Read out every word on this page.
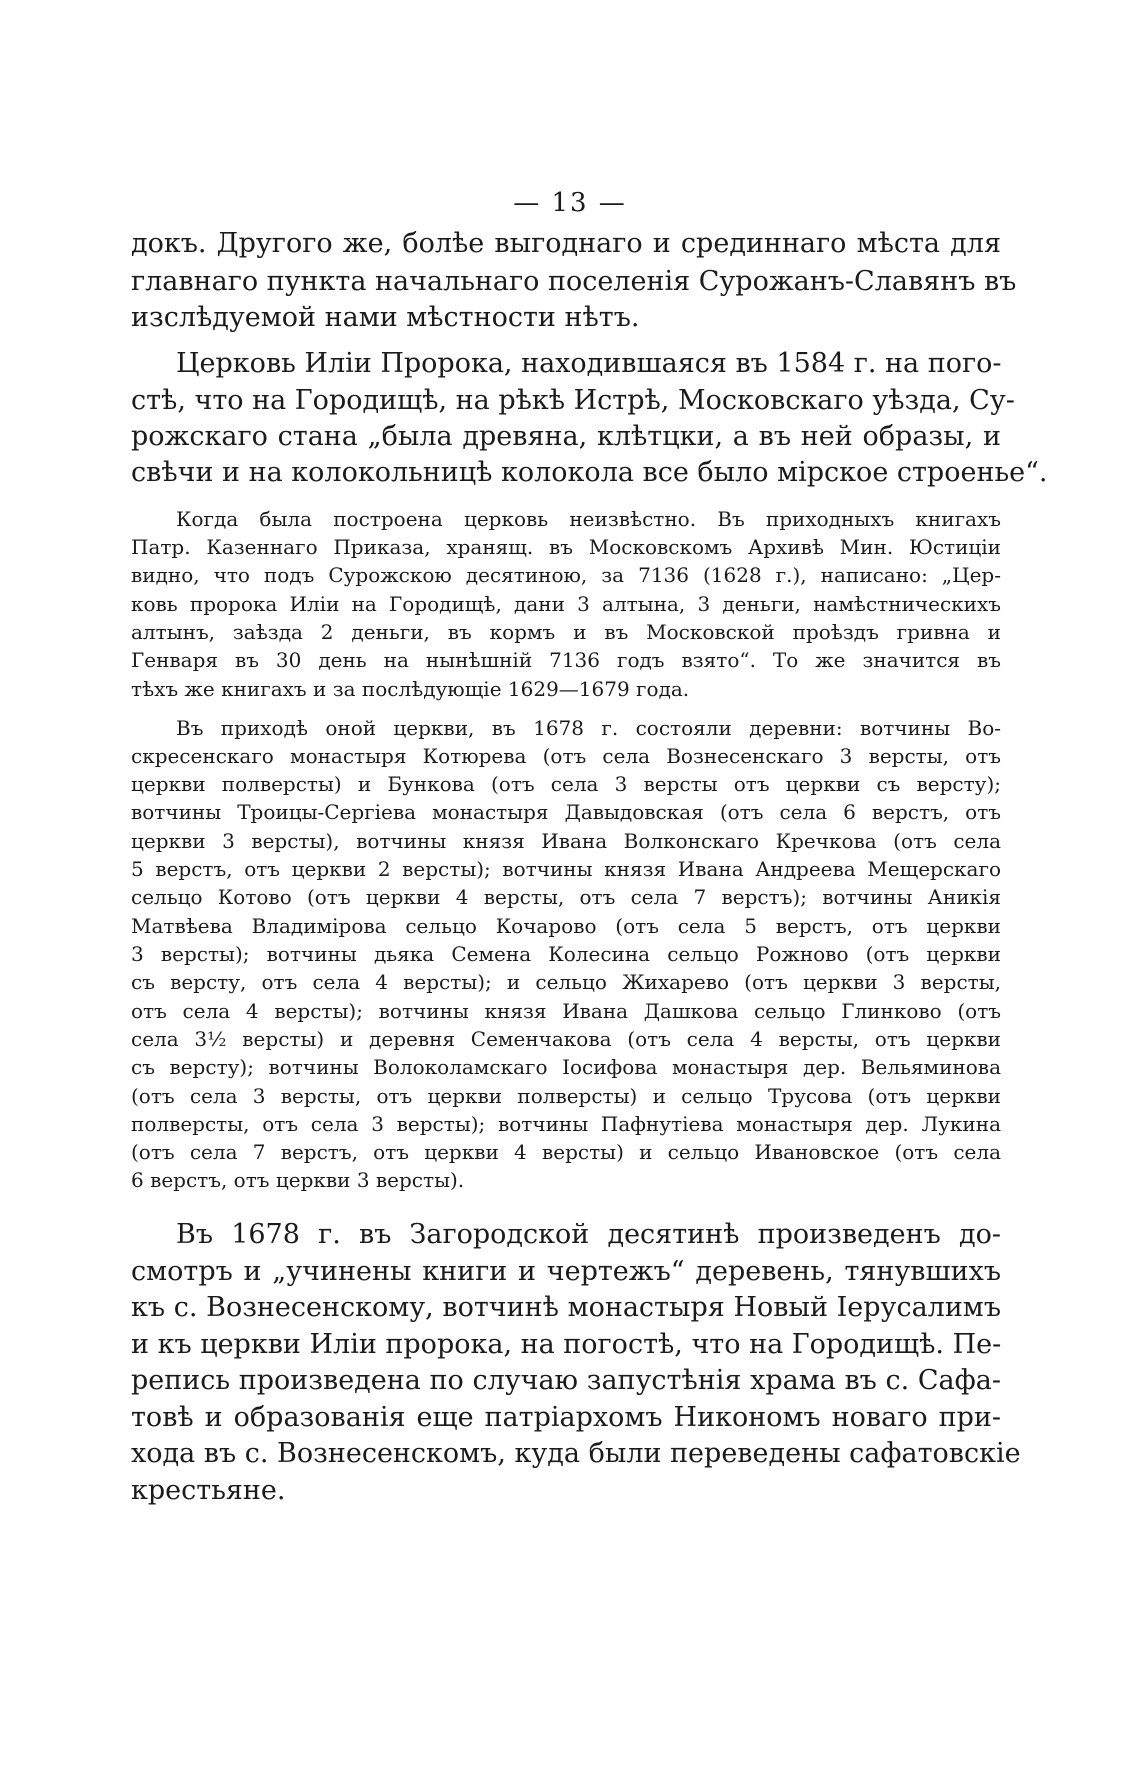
— 13 —
докъ. Другого же, болѣе выгоднаго и срединнаго мѣста для
главнаго пункта начальнаго поселенія Сурожанъ-Славянъ въ
изслѣдуемой нами мѣстности нѣтъ.
Церковь Иліи Пророка, находившаяся въ 1584 г. на пого-
стѣ, что на Городищѣ, на рѣкѣ Истрѣ, Московскаго уѣзда, Су-
рожскаго стана „была древяна, клѣтцки, а въ ней образы, и
свѣчи и на колокольницѣ колокола все было мірское строенье“.
Когда была построена церковь неизвѣстно. Въ приходныхъ книгахъ
Патр. Казеннаго Приказа, хранящ. въ Московскомъ Архивѣ Мин. Юстиціи
видно, что подъ Сурожскою десятиною, за 7136 (1628 г.), написано: „Цер-
ковь пророка Иліи на Городищѣ, дани 3 алтына, 3 деньги, намѣстническихъ
алтынъ, заѣзда 2 деньги, въ кормъ и въ Московской проѣздъ гривна и
Генваря въ 30 день на нынѣшній 7136 годъ взято“. То же значится въ
тѣхъ же книгахъ и за послѣдующіе 1629—1679 года.
Въ приходѣ оной церкви, въ 1678 г. состояли деревни: вотчины Во-
скресенскаго монастыря Котюрева (отъ села Вознесенскаго 3 версты, отъ
церкви полверсты) и Бункова (отъ села 3 версты отъ церкви съ версту);
вотчины Троицы-Сергіева монастыря Давыдовская (отъ села 6 верстъ, отъ
церкви 3 версты), вотчины князя Ивана Волконскаго Кречкова (отъ села
5 верстъ, отъ церкви 2 версты); вотчины князя Ивана Андреева Мещерскаго
сельцо Котово (отъ церкви 4 версты, отъ села 7 верстъ); вотчины Аникія
Матвѣева Владимірова сельцо Кочарово (отъ села 5 верстъ, отъ церкви
3 версты); вотчины дьяка Семена Колесина сельцо Рожново (отъ церкви
съ версту, отъ села 4 версты); и сельцо Жихарево (отъ церкви 3 версты,
отъ села 4 версты); вотчины князя Ивана Дашкова сельцо Глинково (отъ
села 3½ версты) и деревня Семенчакова (отъ села 4 версты, отъ церкви
съ версту); вотчины Волоколамскаго Іосифова монастыря дер. Вельяминова
(отъ села 3 версты, отъ церкви полверсты) и сельцо Трусова (отъ церкви
полверсты, отъ села 3 версты); вотчины Пафнутіева монастыря дер. Лукина
(отъ села 7 верстъ, отъ церкви 4 версты) и сельцо Ивановское (отъ села
6 верстъ, отъ церкви 3 версты).
Въ 1678 г. въ Загородской десятинѣ произведенъ до-
смотръ и „учинены книги и чертежъ“ деревень, тянувшихъ
къ с. Вознесенскому, вотчинѣ монастыря Новый Іерусалимъ
и къ церкви Иліи пророка, на погостѣ, что на Городищѣ. Пе-
репись произведена по случаю запустѣнія храма въ с. Сафа-
товѣ и образованія еще патріархомъ Никономъ новаго при-
хода въ с. Вознесенскомъ, куда были переведены сафатовскіе
крестьяне.
